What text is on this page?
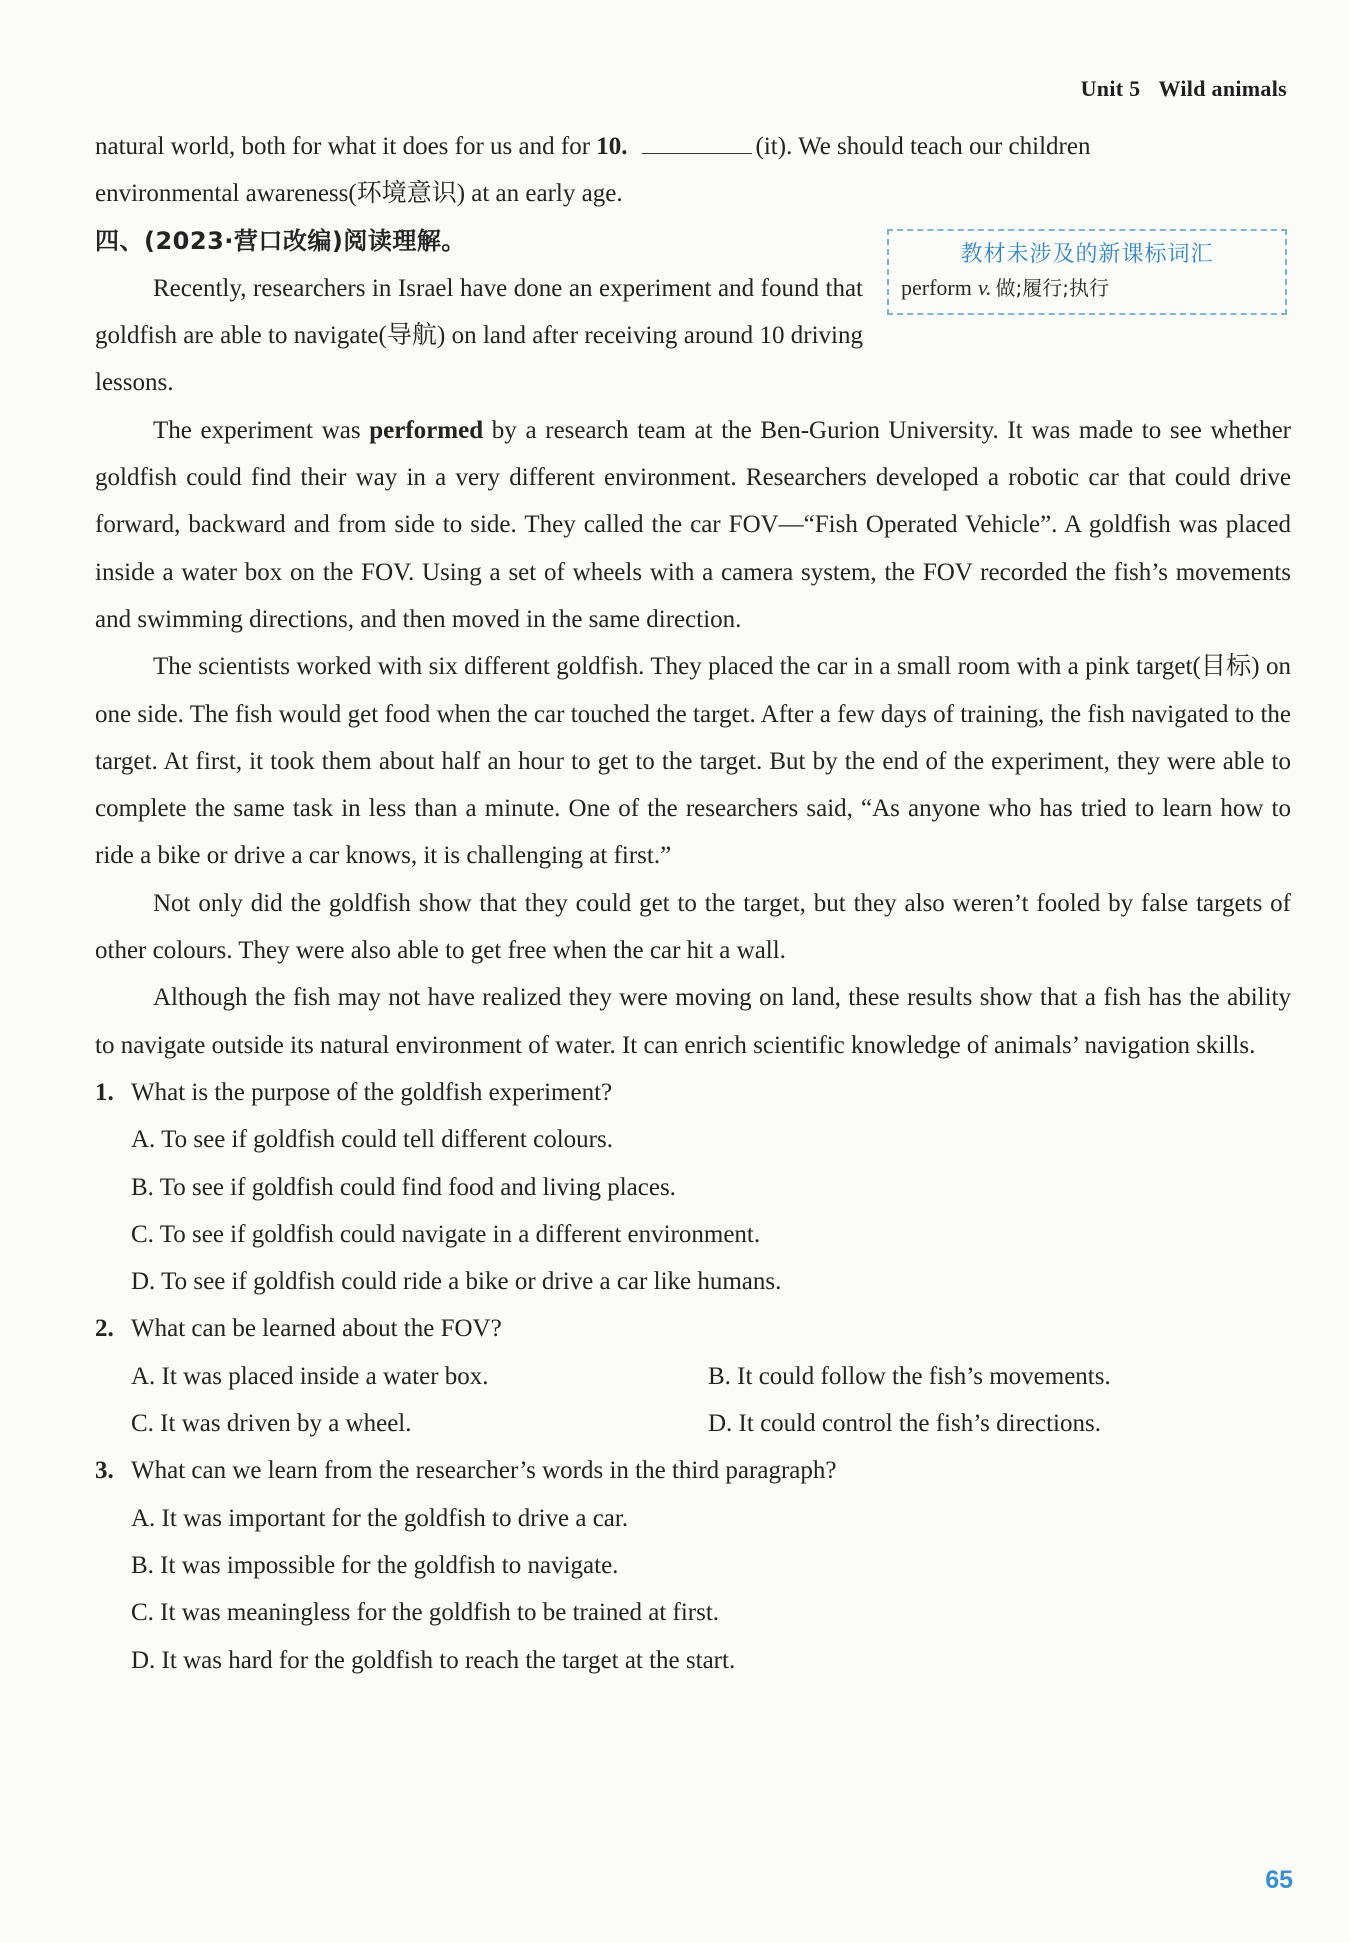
Unit 5 Wild animals
教材未涉及的新课标词汇
perform v. 做;履行;执行

natural world, both for what it does for us and for 10.	(it). We should teach our children

environmental awareness(环境意识) at an early age.

四、(2023·营口改编)阅读理解。

Recently, researchers in Israel have done an experiment and found that goldfish are able to navigate(导航) on land after receiving around 10 driving lessons.

The experiment was performed by a research team at the Ben-Gurion University. It was made to see whether goldfish could find their way in a very different environment. Researchers developed a robotic car that could drive forward, backward and from side to side. They called the car FOV—“Fish Operated Vehicle”. A goldfish was placed inside a water box on the FOV. Using a set of wheels with a camera system, the FOV recorded the fish’s movements and swimming directions, and then moved in the same direction.

The scientists worked with six different goldfish. They placed the car in a small room with a pink target(目标) on one side. The fish would get food when the car touched the target. After a few days of training, the fish navigated to the target. At first, it took them about half an hour to get to the target. But by the end of the experiment, they were able to complete the same task in less than a minute. One of the researchers said, “As anyone who has tried to learn how to ride a bike or drive a car knows, it is challenging at first.”

Not only did the goldfish show that they could get to the target, but they also weren’t fooled by false targets of other colours. They were also able to get free when the car hit a wall.

Although the fish may not have realized they were moving on land, these results show that a fish has the ability to navigate outside its natural environment of water. It can enrich scientific knowledge of animals’ navigation skills.

1. What is the purpose of the goldfish experiment?

A. To see if goldfish could tell different colours.

B. To see if goldfish could find food and living places.

C. To see if goldfish could navigate in a different environment.

D. To see if goldfish could ride a bike or drive a car like humans.

2. What can be learned about the FOV?

A. It was placed inside a water box.	B. It could follow the fish’s movements.

C. It was driven by a wheel.	D. It could control the fish’s directions.

3. What can we learn from the researcher’s words in the third paragraph?

A. It was important for the goldfish to drive a car.

B. It was impossible for the goldfish to navigate.

C. It was meaningless for the goldfish to be trained at first.

D. It was hard for the goldfish to reach the target at the start.

65
